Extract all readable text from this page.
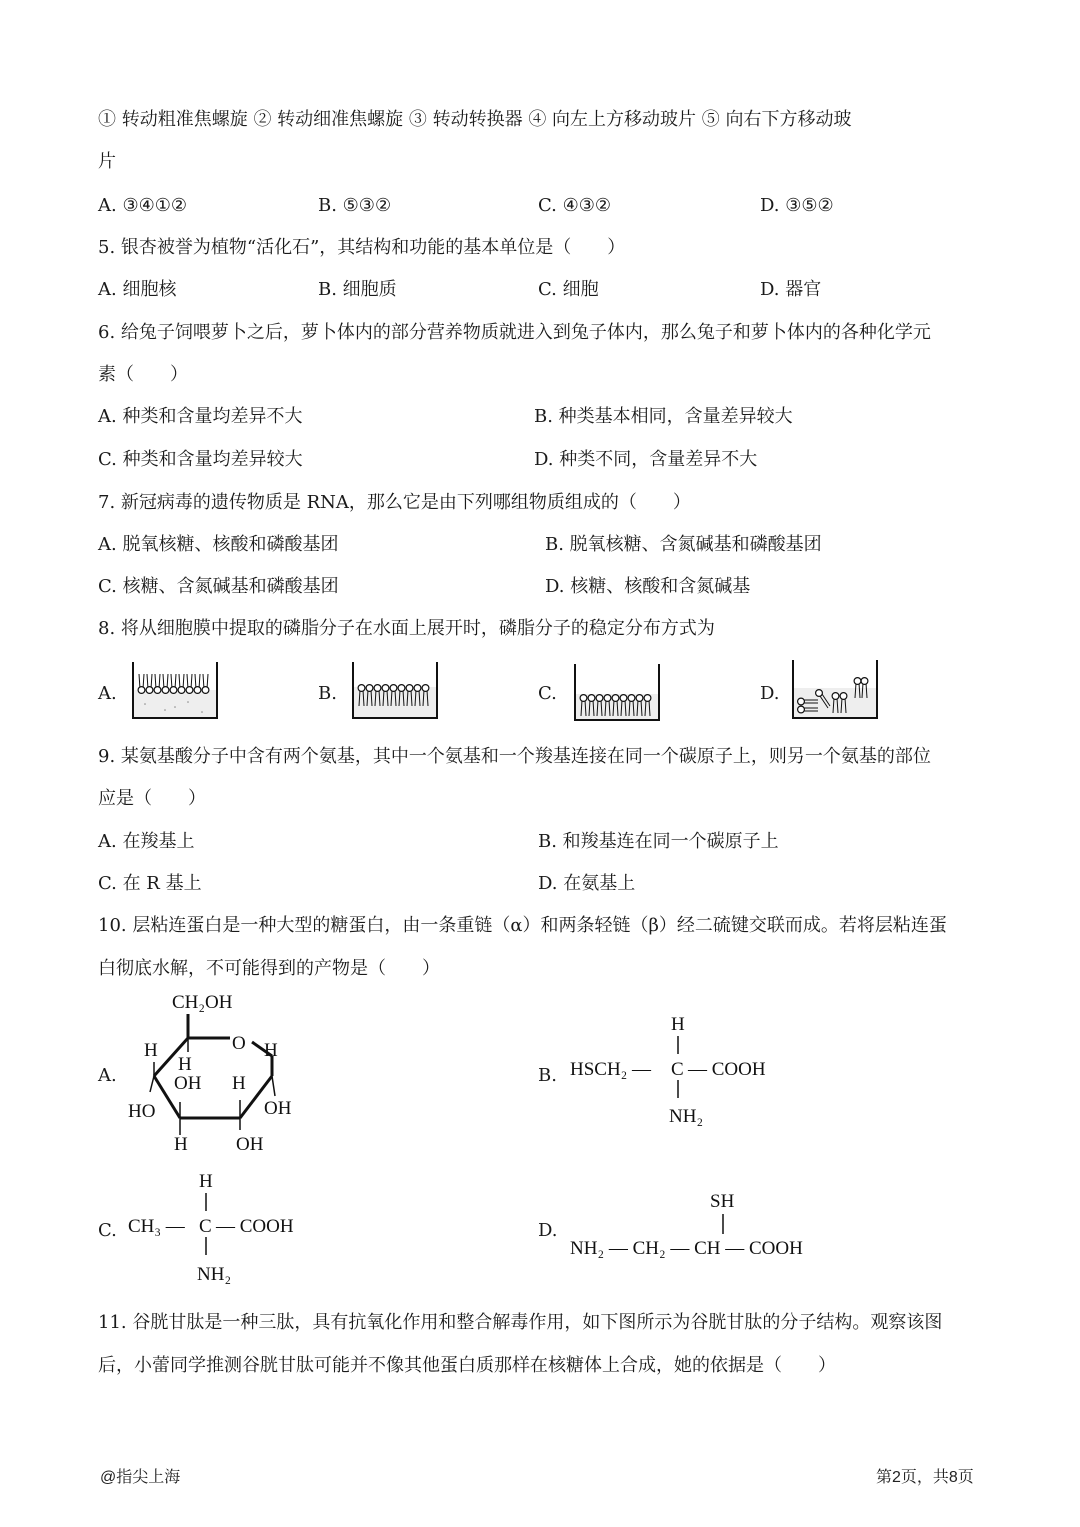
① 转动粗准焦螺旋 ② 转动细准焦螺旋 ③ 转动转换器 ④ 向左上方移动玻片 ⑤ 向右下方移动玻
片
A. ③④①②	B. ⑤③②	C. ④③②	D. ③⑤②
5. 银杏被誉为植物“活化石”，其结构和功能的基本单位是（　　）
A. 细胞核	B. 细胞质	C. 细胞	D. 器官
6. 给兔子饲喂萝卜之后，萝卜体内的部分营养物质就进入到兔子体内，那么兔子和萝卜体内的各种化学元
素（　　）
A. 种类和含量均差异不大	B. 种类基本相同，含量差异较大
C. 种类和含量均差异较大	D. 种类不同，含量差异不大
7. 新冠病毒的遗传物质是 RNA，那么它是由下列哪组物质组成的（　　）
A. 脱氧核糖、核酸和磷酸基团	B. 脱氧核糖、含氮碱基和磷酸基团
C. 核糖、含氮碱基和磷酸基团	D. 核糖、核酸和含氮碱基
8. 将从细胞膜中提取的磷脂分子在水面上展开时，磷脂分子的稳定分布方式为
A.	B.	C.	D.
9. 某氨基酸分子中含有两个氨基，其中一个氨基和一个羧基连接在同一个碳原子上，则另一个氨基的部位
应是（　　）
A. 在羧基上	B. 和羧基连在同一个碳原子上
C. 在 R 基上	D. 在氨基上
10. 层粘连蛋白是一种大型的糖蛋白，由一条重链（α）和两条轻链（β）经二硫键交联而成。若将层粘连蛋
白彻底水解，不可能得到的产物是（　　）
A.	B.
C.	D.
CH₂OH
O
H
H
H
OH H
HO	OH
H	OH
H
HSCH₂ — C — COOH
NH₂
H
CH₃ — C — COOH
NH₂
SH
NH₂ — CH₂ — CH — COOH
11. 谷胱甘肽是一种三肽，具有抗氧化作用和整合解毒作用，如下图所示为谷胱甘肽的分子结构。观察该图
后，小蕾同学推测谷胱甘肽可能并不像其他蛋白质那样在核糖体上合成，她的依据是（　　）
@指尖上海	第2页，共8页
